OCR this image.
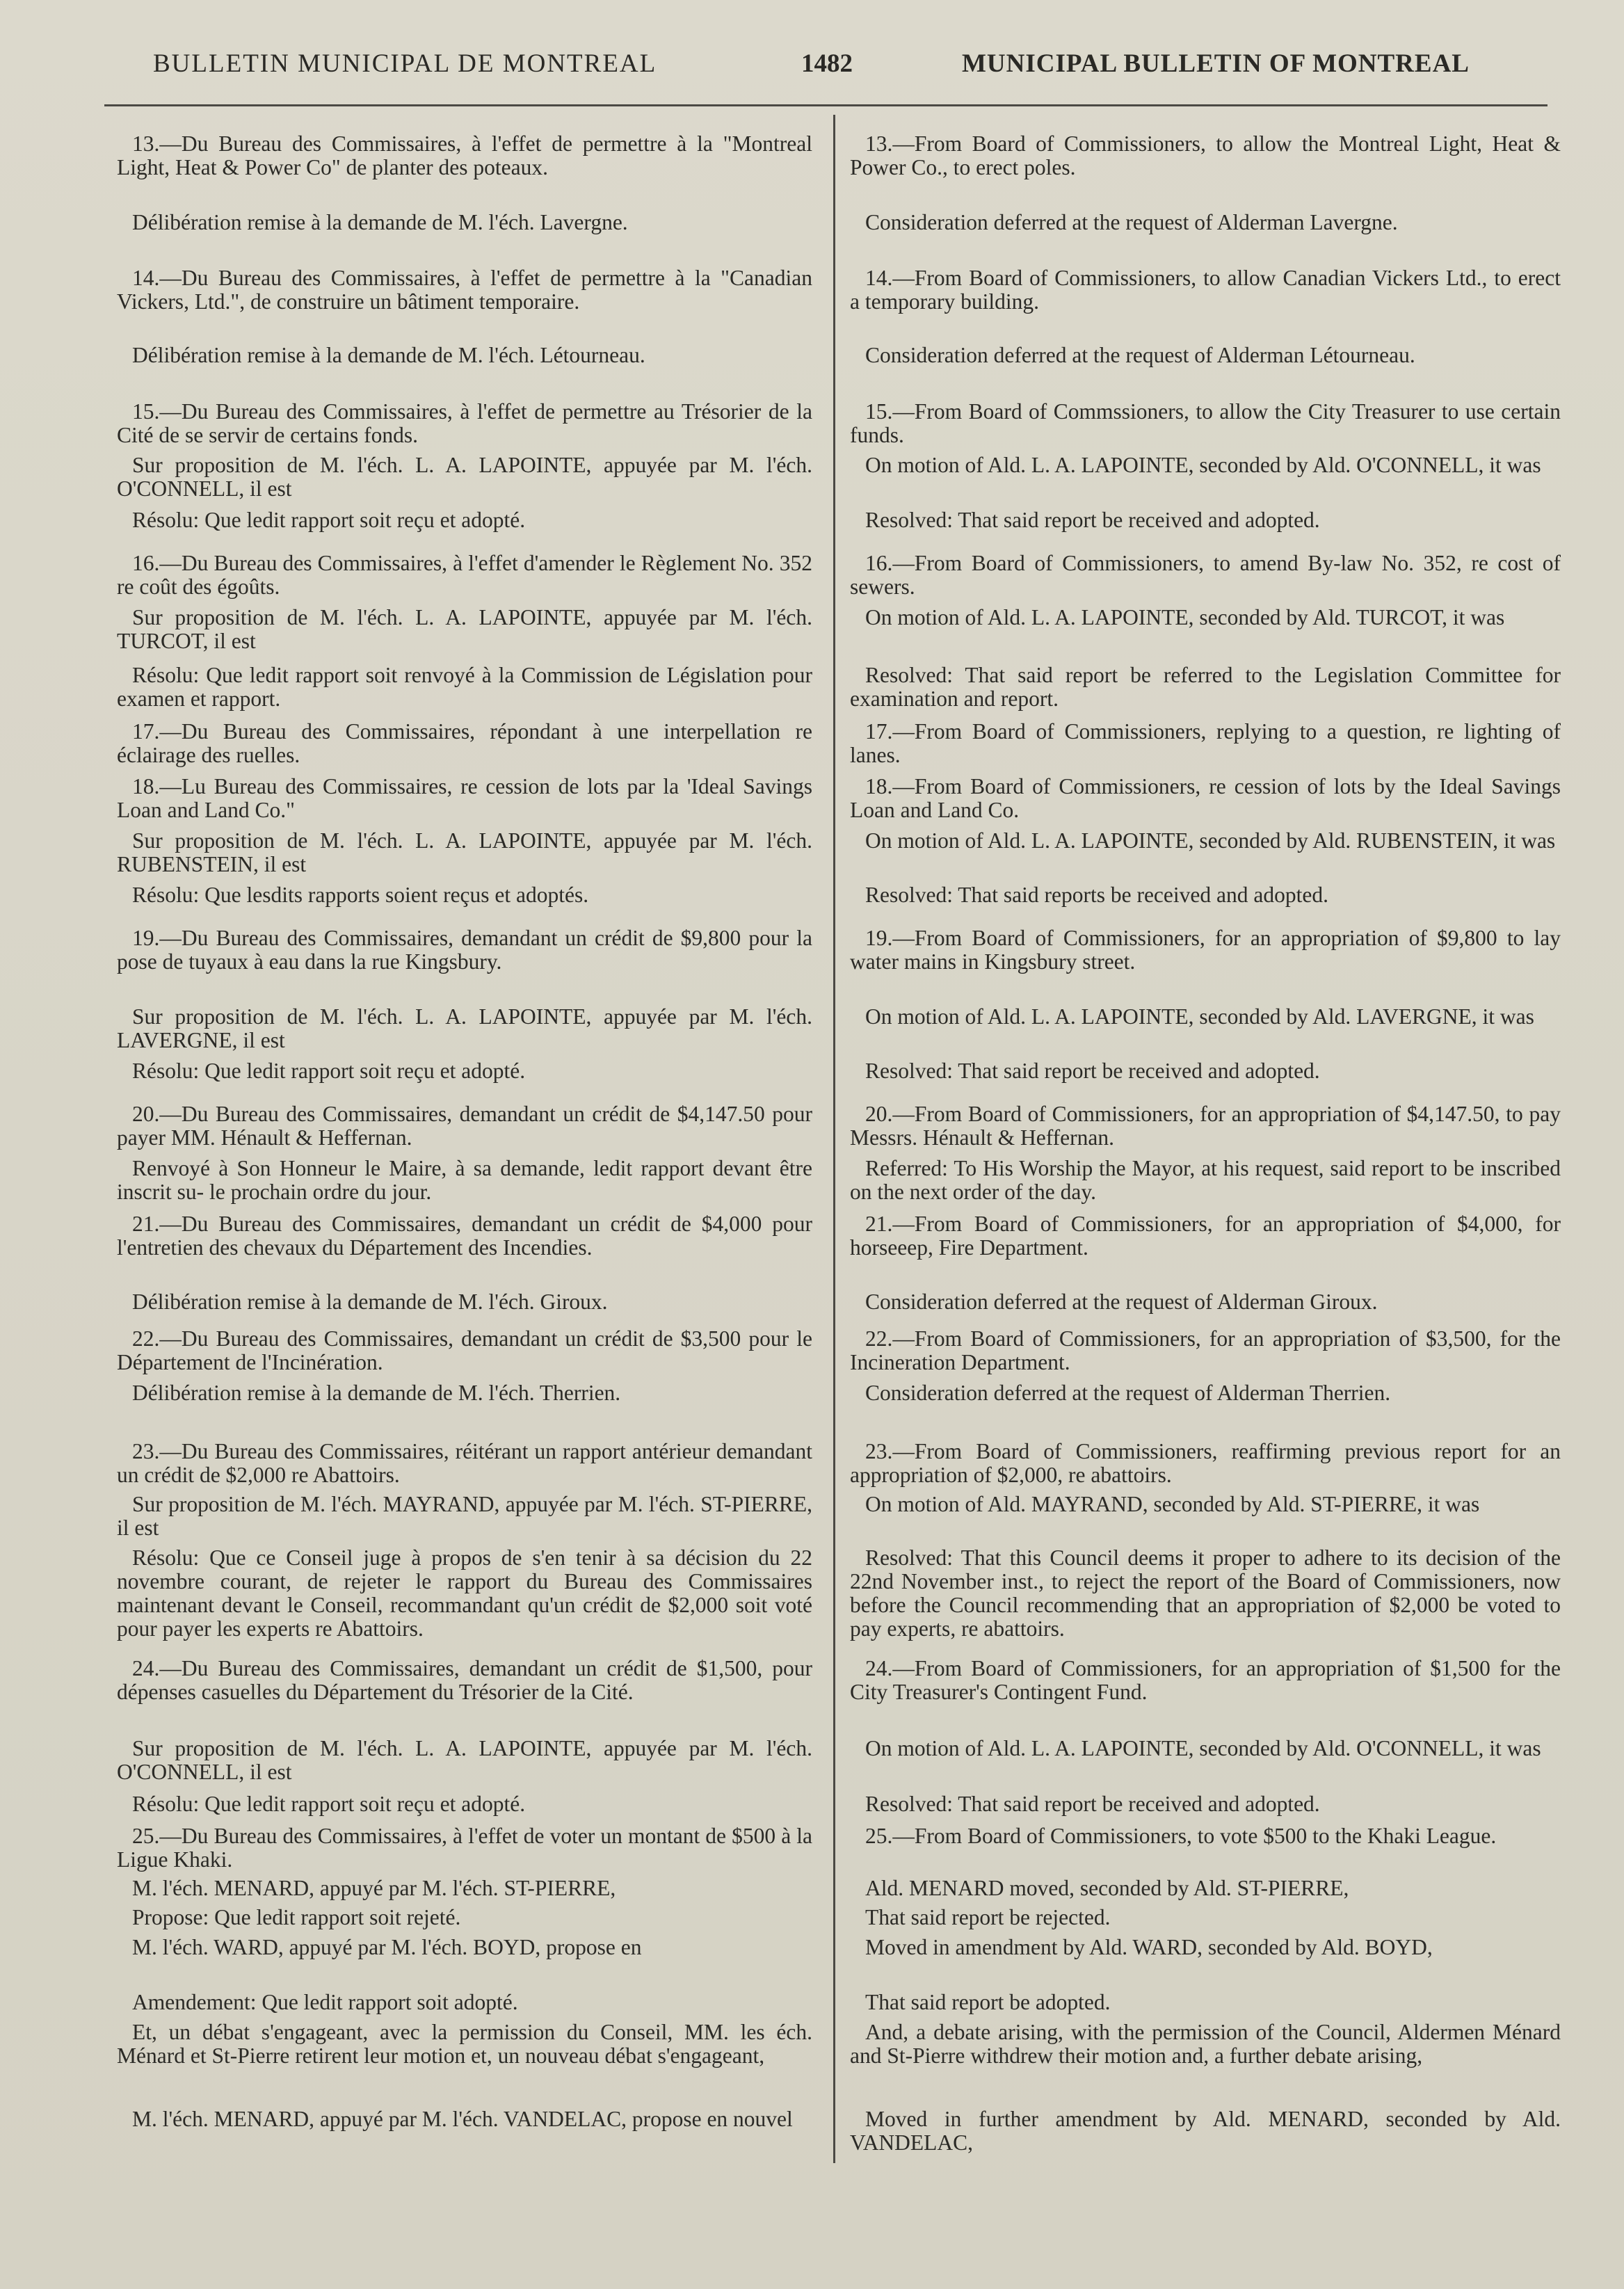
BULLETIN MUNICIPAL DE MONTREAL	1482	MUNICIPAL BULLETIN OF MONTREAL
13.—Du Bureau des Commissaires, à l'effet de permettre à la "Montreal Light, Heat & Power Co" de planter des poteaux.
Délibération remise à la demande de M. l'éch. Lavergne.
14.—Du Bureau des Commissaires, à l'effet de permettre à la "Canadian Vickers, Ltd.", de construire un bâtiment temporaire.
Délibération remise à la demande de M. l'éch. Létourneau.
15.—Du Bureau des Commissaires, à l'effet de permettre au Trésorier de la Cité de se servir de certains fonds.
Sur proposition de M. l'éch. L. A. LAPOINTE, appuyée par M. l'éch. O'CONNELL, il est
Résolu: Que ledit rapport soit reçu et adopté.
16.—Du Bureau des Commissaires, à l'effet d'amender le Règlement No. 352 re coût des égoûts.
Sur proposition de M. l'éch. L. A. LAPOINTE, appuyée par M. l'éch. TURCOT, il est
Résolu: Que ledit rapport soit renvoyé à la Commission de Législation pour examen et rapport.
17.—Du Bureau des Commissaires, répondant à une interpellation re éclairage des ruelles.
18.—Lu Bureau des Commissaires, re cession de lots par la 'Ideal Savings Loan and Land Co."
Sur proposition de M. l'éch. L. A. LAPOINTE, appuyée par M. l'éch. RUBENSTEIN, il est
Résolu: Que lesdits rapports soient reçus et adoptés.
19.—Du Bureau des Commissaires, demandant un crédit de $9,800 pour la pose de tuyaux à eau dans la rue Kingsbury.
Sur proposition de M. l'éch. L. A. LAPOINTE, appuyée par M. l'éch. LAVERGNE, il est
Résolu: Que ledit rapport soit reçu et adopté.
20.—Du Bureau des Commissaires, demandant un crédit de $4,147.50 pour payer MM. Hénault & Heffernan.
Renvoyé à Son Honneur le Maire, à sa demande, ledit rapport devant être inscrit su- le prochain ordre du jour.
21.—Du Bureau des Commissaires, demandant un crédit de $4,000 pour l'entretien des chevaux du Département des Incendies.
Délibération remise à la demande de M. l'éch. Giroux.
22.—Du Bureau des Commissaires, demandant un crédit de $3,500 pour le Département de l'Incinération.
Délibération remise à la demande de M. l'éch. Therrien.
23.—Du Bureau des Commissaires, réitérant un rapport antérieur demandant un crédit de $2,000 re Abattoirs.
Sur proposition de M. l'éch. MAYRAND, appuyée par M. l'éch. ST-PIERRE, il est
Résolu: Que ce Conseil juge à propos de s'en tenir à sa décision du 22 novembre courant, de rejeter le rapport du Bureau des Commissaires maintenant devant le Conseil, recommandant qu'un crédit de $2,000 soit voté pour payer les experts re Abattoirs.
24.—Du Bureau des Commissaires, demandant un crédit de $1,500, pour dépenses casuelles du Département du Trésorier de la Cité.
Sur proposition de M. l'éch. L. A. LAPOINTE, appuyée par M. l'éch. O'CONNELL, il est
Résolu: Que ledit rapport soit reçu et adopté.
25.—Du Bureau des Commissaires, à l'effet de voter un montant de $500 à la Ligue Khaki.
M. l'éch. MENARD, appuyé par M. l'éch. ST-PIERRE,
Propose: Que ledit rapport soit rejeté.
M. l'éch. WARD, appuyé par M. l'éch. BOYD, propose en
Amendement: Que ledit rapport soit adopté.
Et, un débat s'engageant, avec la permission du Conseil, MM. les éch. Ménard et St-Pierre retirent leur motion et, un nouveau débat s'engageant,
M. l'éch. MENARD, appuyé par M. l'éch. VANDELAC, propose en nouvel
13.—From Board of Commissioners, to allow the Montreal Light, Heat & Power Co., to erect poles.
Consideration deferred at the request of Alderman Lavergne.
14.—From Board of Commissioners, to allow Canadian Vickers Ltd., to erect a temporary building.
Consideration deferred at the request of Alderman Létourneau.
15.—From Board of Commssioners, to allow the City Treasurer to use certain funds.
On motion of Ald. L. A. LAPOINTE, seconded by Ald. O'CONNELL, it was
Resolved: That said report be received and adopted.
16.—From Board of Commissioners, to amend By-law No. 352, re cost of sewers.
On motion of Ald. L. A. LAPOINTE, seconded by Ald. TURCOT, it was
Resolved: That said report be referred to the Legislation Committee for examination and report.
17.—From Board of Commissioners, replying to a question, re lighting of lanes.
18.—From Board of Commissioners, re cession of lots by the Ideal Savings Loan and Land Co.
On motion of Ald. L. A. LAPOINTE, seconded by Ald. RUBENSTEIN, it was
Resolved: That said reports be received and adopted.
19.—From Board of Commissioners, for an appropriation of $9,800 to lay water mains in Kingsbury street.
On motion of Ald. L. A. LAPOINTE, seconded by Ald. LAVERGNE, it was
Resolved: That said report be received and adopted.
20.—From Board of Commissioners, for an appropriation of $4,147.50, to pay Messrs. Hénault & Heffernan.
Referred: To His Worship the Mayor, at his request, said report to be inscribed on the next order of the day.
21.—From Board of Commissioners, for an appropriation of $4,000, for horseeep, Fire Department.
Consideration deferred at the request of Alderman Giroux.
22.—From Board of Commissioners, for an appropriation of $3,500, for the Incineration Department.
Consideration deferred at the request of Alderman Therrien.
23.—From Board of Commissioners, reaffirming previous report for an appropriation of $2,000, re abattoirs.
On motion of Ald. MAYRAND, seconded by Ald. ST-PIERRE, it was
Resolved: That this Council deems it proper to adhere to its decision of the 22nd November inst., to reject the report of the Board of Commissioners, now before the Council recommending that an appropriation of $2,000 be voted to pay experts, re abattoirs.
24.—From Board of Commissioners, for an appropriation of $1,500 for the City Treasurer's Contingent Fund.
On motion of Ald. L. A. LAPOINTE, seconded by Ald. O'CONNELL, it was
Resolved: That said report be received and adopted.
25.—From Board of Commissioners, to vote $500 to the Khaki League.
Ald. MENARD moved, seconded by Ald. ST-PIERRE,
That said report be rejected.
Moved in amendment by Ald. WARD, seconded by Ald. BOYD,
That said report be adopted.
And, a debate arising, with the permission of the Council, Aldermen Ménard and St-Pierre withdrew their motion and, a further debate arising,
Moved in further amendment by Ald. MENARD, seconded by Ald. VANDELAC,
